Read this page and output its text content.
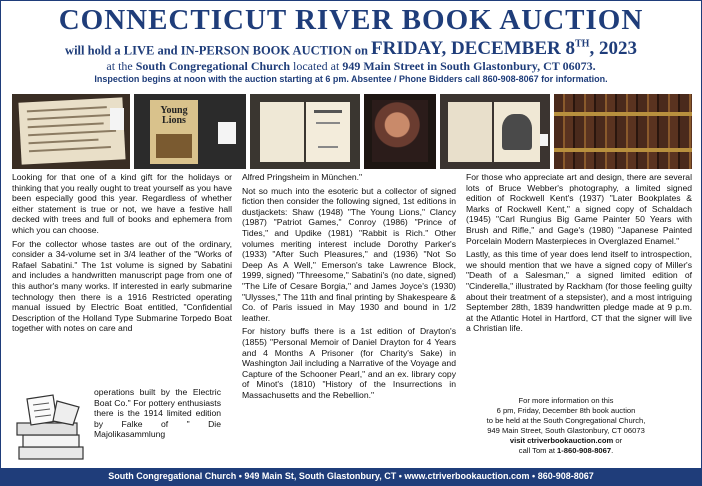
CONNECTICUT RIVER BOOK AUCTION
will hold a LIVE and IN-PERSON BOOK AUCTION on FRIDAY, DECEMBER 8TH, 2023
at the South Congregational Church located at 949 Main Street in South Glastonbury, CT 06073.
Inspection begins at noon with the auction starting at 6 pm. Absentee / Phone Bidders call 860-908-8067 for information.
Young Lions

Looking for that one of a kind gift for the holidays or thinking that you really ought to treat yourself as you have been especially good this year. Regardless of whether either statement is true or not, we have a festive hall decked with trees and full of books and ephemera from which you can choose.

For the collector whose tastes are out of the ordinary, consider a 34-volume set in 3/4 leather of the "Works of Rafael Sabatini." The 1st volume is signed by Sabatini and includes a handwritten manuscript page from one of this author's many works. If interested in early submarine technology then there is a 1916 Restricted operating manual issued by Electric Boat entitled, "Confidential Description of the Holland Type Submarine Torpedo Boat together with notes on care and

Alfred Pringsheim in München."

Not so much into the esoteric but a collector of signed fiction then consider the following signed, 1st editions in dustjackets: Shaw (1948) "The Young Lions," Clancy (1987) "Patriot Games," Conroy (1986) "Prince of Tides," and Updike (1981) "Rabbit is Rich." Other volumes meriting interest include Dorothy Parker's (1933) "After Such Pleasures," and (1936) "Not So Deep As A Well," Emerson's take Lawrence Block, 1999, signed) "Threesome," Sabatini's (no date, signed) "The Life of Cesare Borgia," and James Joyce's (1930) "Ulysses," The 11th and final printing by Shakespeare & Co. of Paris issued in May 1930 and bound in 1/2 leather.

For history buffs there is a 1st edition of Drayton's (1855) "Personal Memoir of Daniel Drayton for 4 Years and 4 Months A Prisoner (for Charity's Sake) in Washington Jail including a Narrative of the Voyage and Capture of the Schooner Pearl," and an ex. library copy of Minot's (1810) "History of the Insurrections in Massachusetts and the Rebellion."

For those who appreciate art and design, there are several lots of Bruce Webber's photography, a limited signed edition of Rockwell Kent's (1937) "Later Bookplates & Marks of Rockwell Kent," a signed copy of Schaldach (1945) "Carl Rungius Big Game Painter 50 Years with Brush and Rifle," and Gage's (1980) "Japanese Painted Porcelain Modern Masterpieces in Overglazed Enamel."

Lastly, as this time of year does lend itself to introspection, we should mention that we have a signed copy of Miller's "Death of a Salesman," a signed limited edition of "Cinderella," illustrated by Rackham (for those feeling guilty about their treatment of a stepsister), and a most intriguing September 28th, 1839 handwritten pledge made at 9 p.m. at the Atlantic Hotel in Hartford, CT that the signer will live a Christian life.

operations built by the Electric Boat Co." For pottery enthusiasts there is the 1914 limited edition by Falke of " Die Majolikasammlung

For more information on this
6 pm, Friday, December 8th book auction
to be held at the South Congregational Church,
949 Main Street, South Glastonbury, CT 06073
visit ctriverbookauction.com or
call Tom at 1-860-908-8067.
South Congregational Church • 949 Main St, South Glastonbury, CT • www.ctriverbookauction.com • 860-908-8067
